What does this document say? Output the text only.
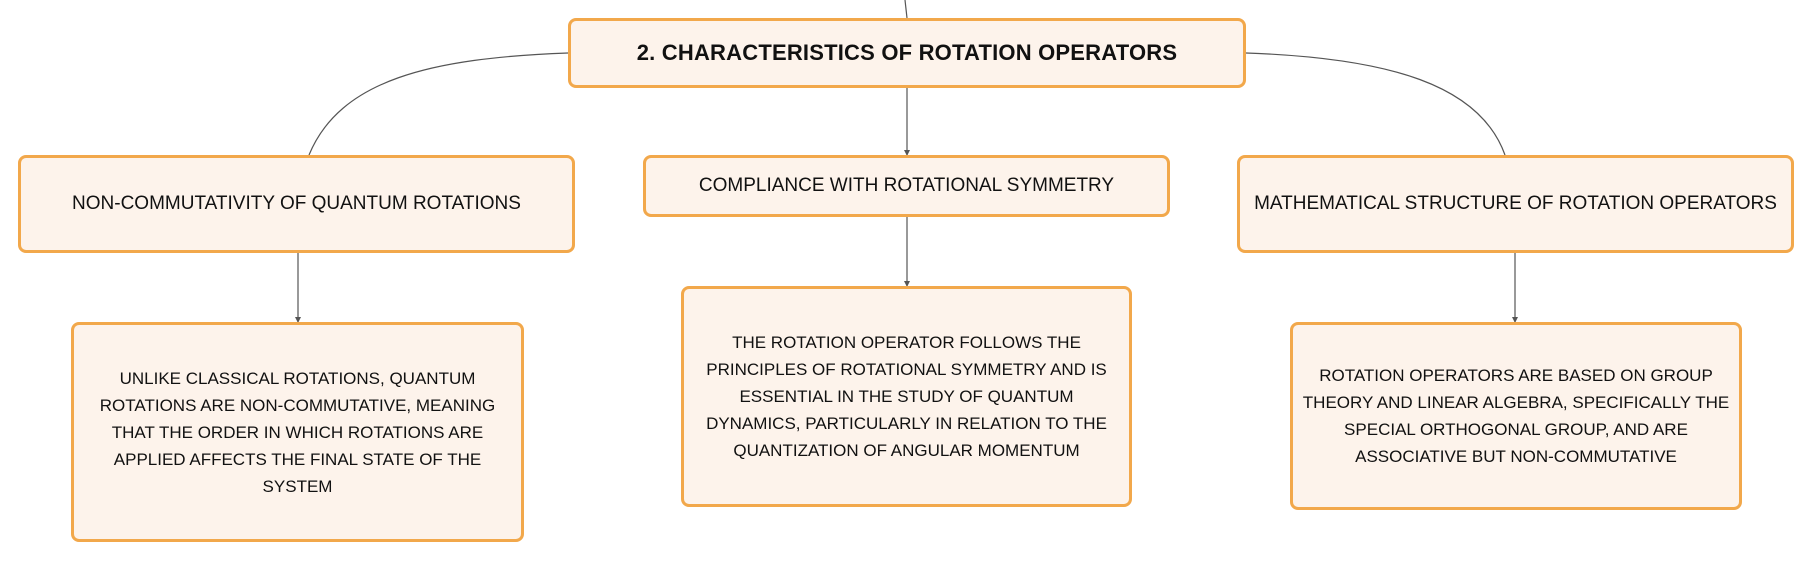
2. CHARACTERISTICS OF ROTATION OPERATORS
NON-COMMUTATIVITY OF QUANTUM ROTATIONS
COMPLIANCE WITH ROTATIONAL SYMMETRY
MATHEMATICAL STRUCTURE OF ROTATION OPERATORS
UNLIKE CLASSICAL ROTATIONS, QUANTUM ROTATIONS ARE NON-COMMUTATIVE, MEANING THAT THE ORDER IN WHICH ROTATIONS ARE APPLIED AFFECTS THE FINAL STATE OF THE SYSTEM
THE ROTATION OPERATOR FOLLOWS THE PRINCIPLES OF ROTATIONAL SYMMETRY AND IS ESSENTIAL IN THE STUDY OF QUANTUM DYNAMICS, PARTICULARLY IN RELATION TO THE QUANTIZATION OF ANGULAR MOMENTUM
ROTATION OPERATORS ARE BASED ON GROUP THEORY AND LINEAR ALGEBRA, SPECIFICALLY THE SPECIAL ORTHOGONAL GROUP, AND ARE ASSOCIATIVE BUT NON-COMMUTATIVE
